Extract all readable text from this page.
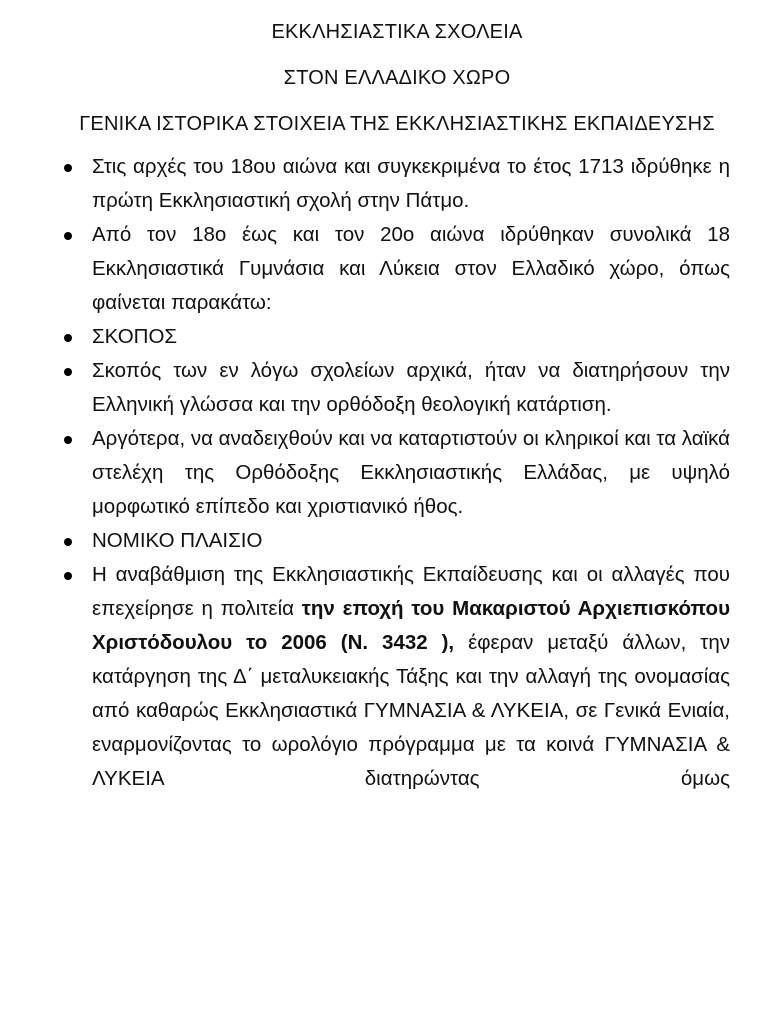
ΕΚΚΛΗΣΙΑΣΤΙΚΑ ΣΧΟΛΕΙΑ
ΣΤΟΝ ΕΛΛΑΔΙΚΟ ΧΩΡΟ
ΓΕΝΙΚΑ ΙΣΤΟΡΙΚΑ ΣΤΟΙΧΕΙΑ ΤΗΣ ΕΚΚΛΗΣΙΑΣΤΙΚΗΣ ΕΚΠΑΙΔΕΥΣΗΣ
Στις αρχές του 18ου αιώνα και συγκεκριμένα το έτος 1713 ιδρύθηκε η πρώτη Εκκλησιαστική σχολή στην Πάτμο.
Από τον 18ο έως και τον 20ο αιώνα ιδρύθηκαν συνολικά 18 Εκκλησιαστικά Γυμνάσια και Λύκεια στον Ελλαδικό χώρο, όπως φαίνεται παρακάτω:
ΣΚΟΠΟΣ
Σκοπός των εν λόγω σχολείων αρχικά, ήταν να διατηρήσουν την Ελληνική γλώσσα και την ορθόδοξη θεολογική κατάρτιση.
Αργότερα, να αναδειχθούν και να καταρτιστούν οι κληρικοί και τα λαϊκά στελέχη της Ορθόδοξης Εκκλησιαστικής Ελλάδας, με υψηλό μορφωτικό επίπεδο και χριστιανικό ήθος.
ΝΟΜΙΚΟ ΠΛΑΙΣΙΟ
Η αναβάθμιση της Εκκλησιαστικής Εκπαίδευσης και οι αλλαγές που επεχείρησε η πολιτεία την εποχή του Μακαριστού Αρχιεπισκόπου Χριστόδουλου το 2006 (Ν. 3432 ), έφεραν μεταξύ άλλων, την κατάργηση της Δ΄ μεταλυκειακής Τάξης και την αλλαγή της ονομασίας από καθαρώς Εκκλησιαστικά ΓΥΜΝΑΣΙΑ & ΛΥΚΕΙΑ, σε Γενικά Ενιαία, εναρμονίζοντας το ωρολόγιο πρόγραμμα με τα κοινά ΓΥΜΝΑΣΙΑ & ΛΥΚΕΙΑ διατηρώντας όμως
